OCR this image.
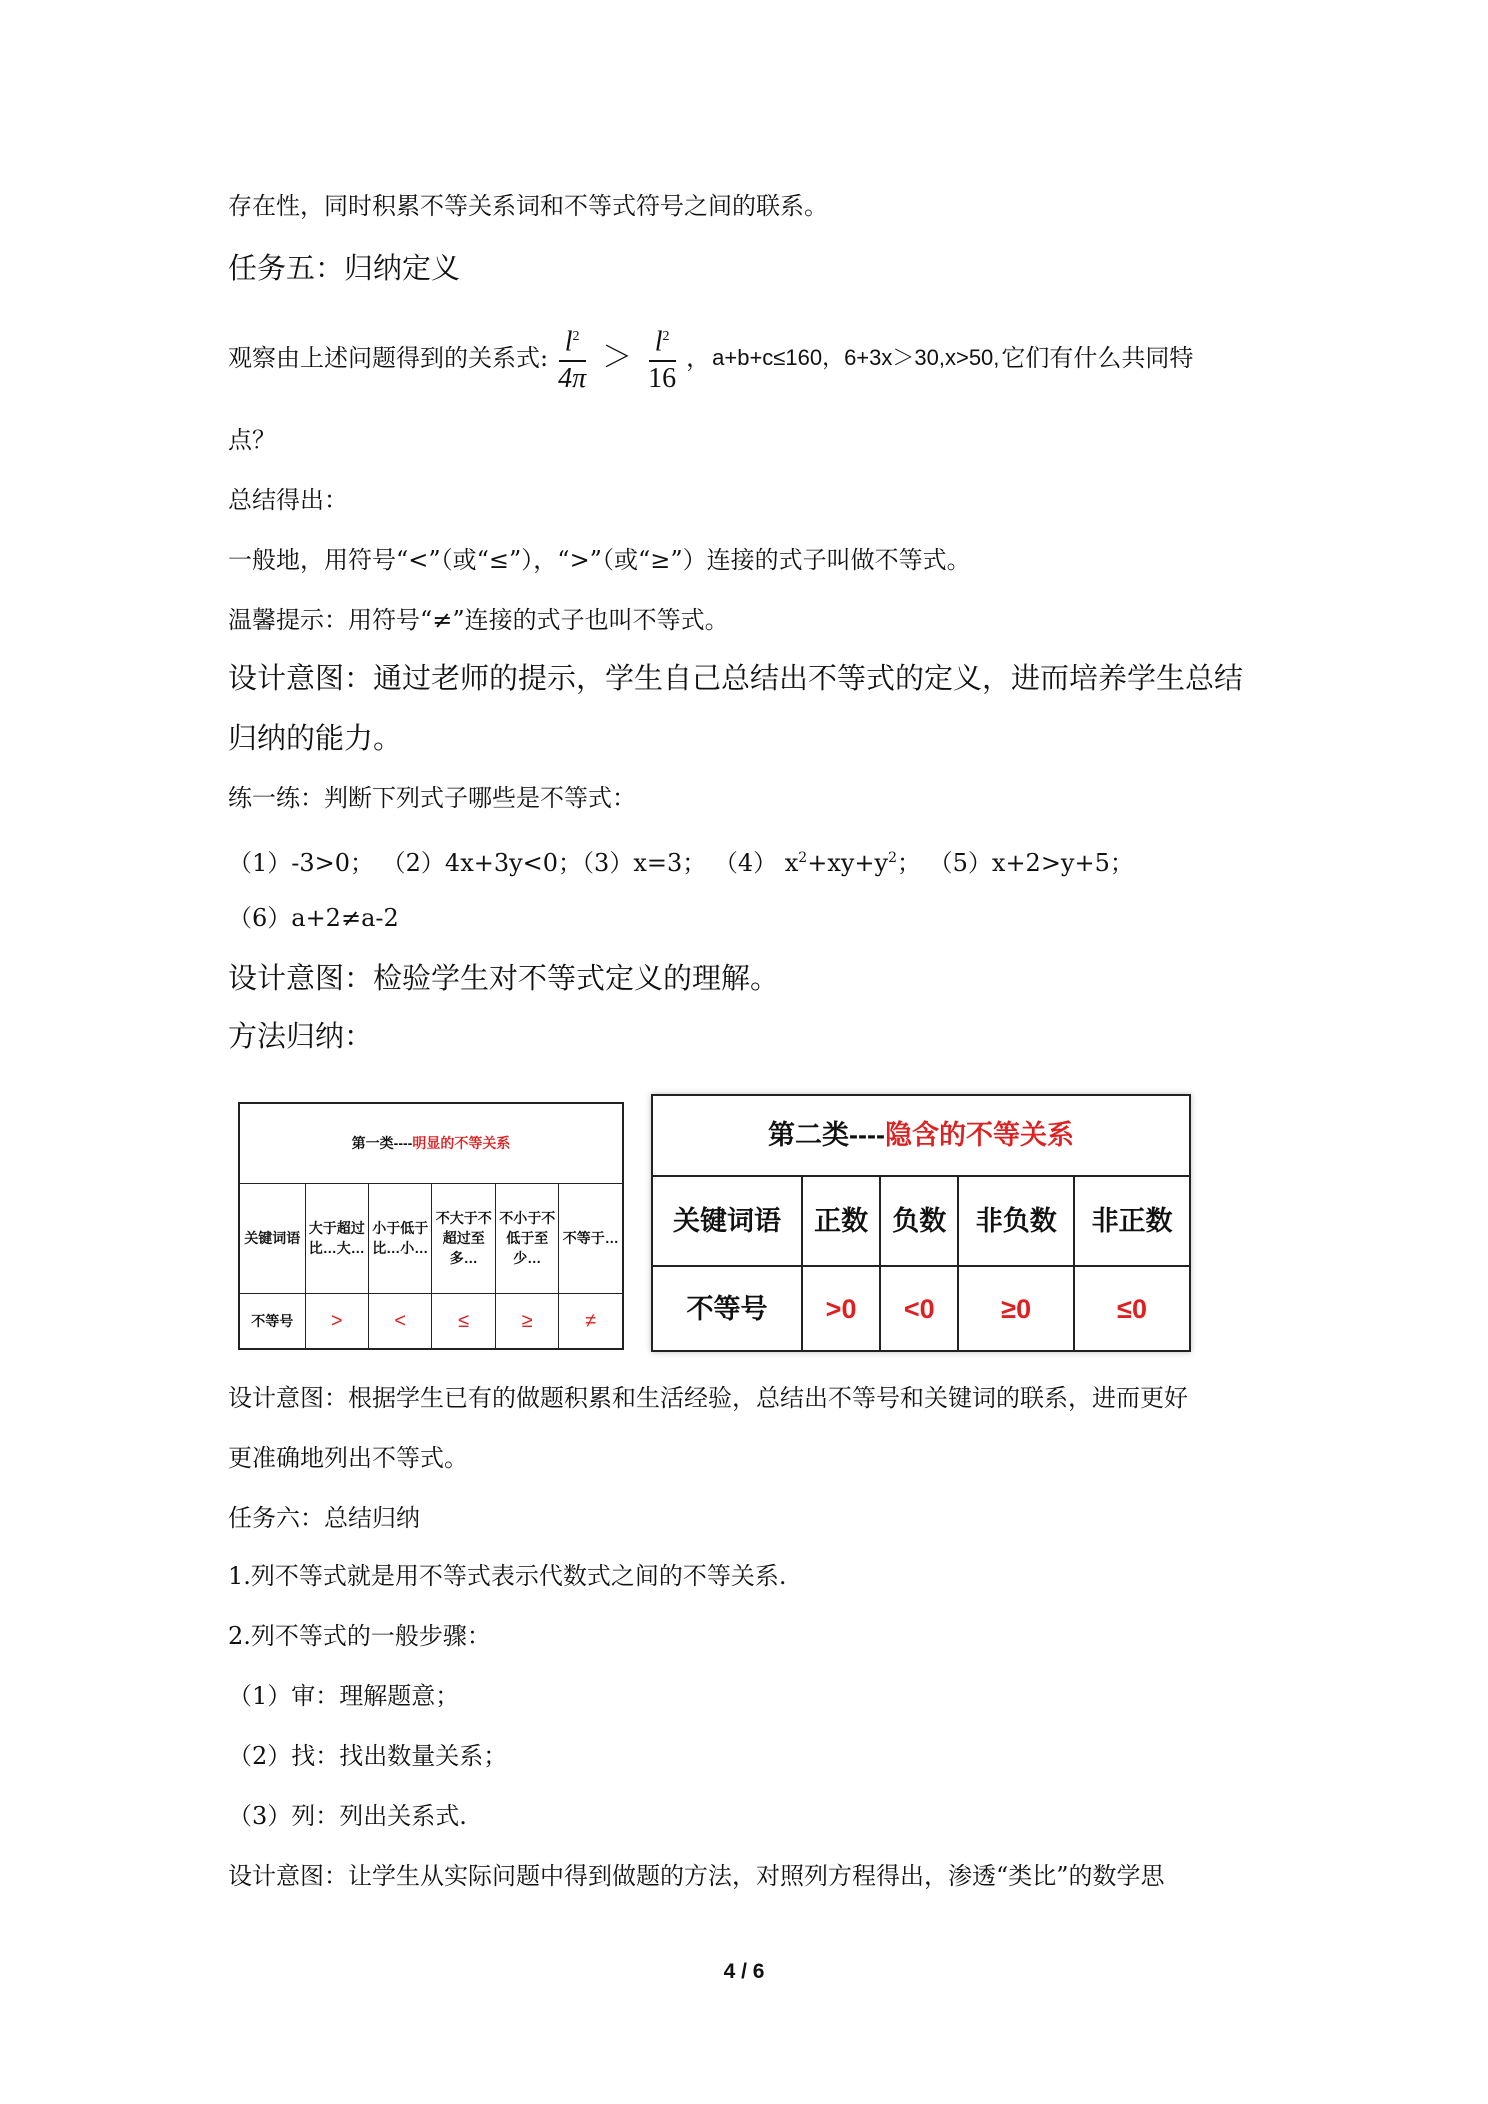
存在性，同时积累不等关系词和不等式符号之间的联系。
任务五：归纳定义
观察由上述问题得到的关系式: $\frac{l^2}{4\pi} > \frac{l^2}{16}$ ， a+b+c≤160，6+3x＞30,x>50, 它们有什么共同特
点？
总结得出：
一般地，用符号“<”（或“≤”），“>”（或“≥”）连接的式子叫做不等式。
温馨提示：用符号“≠”连接的式子也叫不等式。
设计意图：通过老师的提示，学生自己总结出不等式的定义，进而培养学生总结
归纳的能力。
练一练：判断下列式子哪些是不等式：
（1）-3>0； （2）4x+3y<0；（3）x=3； （4） $x^2+xy+y^2$； （5）x+2>y+5；
（6）a+2≠a-2
设计意图：检验学生对不等式定义的理解。
方法归纳：
第一类----明显的不等关系					
关键词语	大于超过比…大…	小于低于比…小…	不大于不超过至多…	不小于不低于至少…	不等于…
不等号	>	<	≤	≥	≠
第二类----隐含的不等关系				
关键词语	正数	负数	非负数	非正数
不等号	>0	<0	≥0	≤0
设计意图：根据学生已有的做题积累和生活经验，总结出不等号和关键词的联系，进而更好
更准确地列出不等式。
任务六：总结归纳
1.列不等式就是用不等式表示代数式之间的不等关系.
2.列不等式的一般步骤：
（1）审：理解题意；
（2）找：找出数量关系；
（3）列：列出关系式.
设计意图：让学生从实际问题中得到做题的方法，对照列方程得出，渗透“类比”的数学思
4 / 6
